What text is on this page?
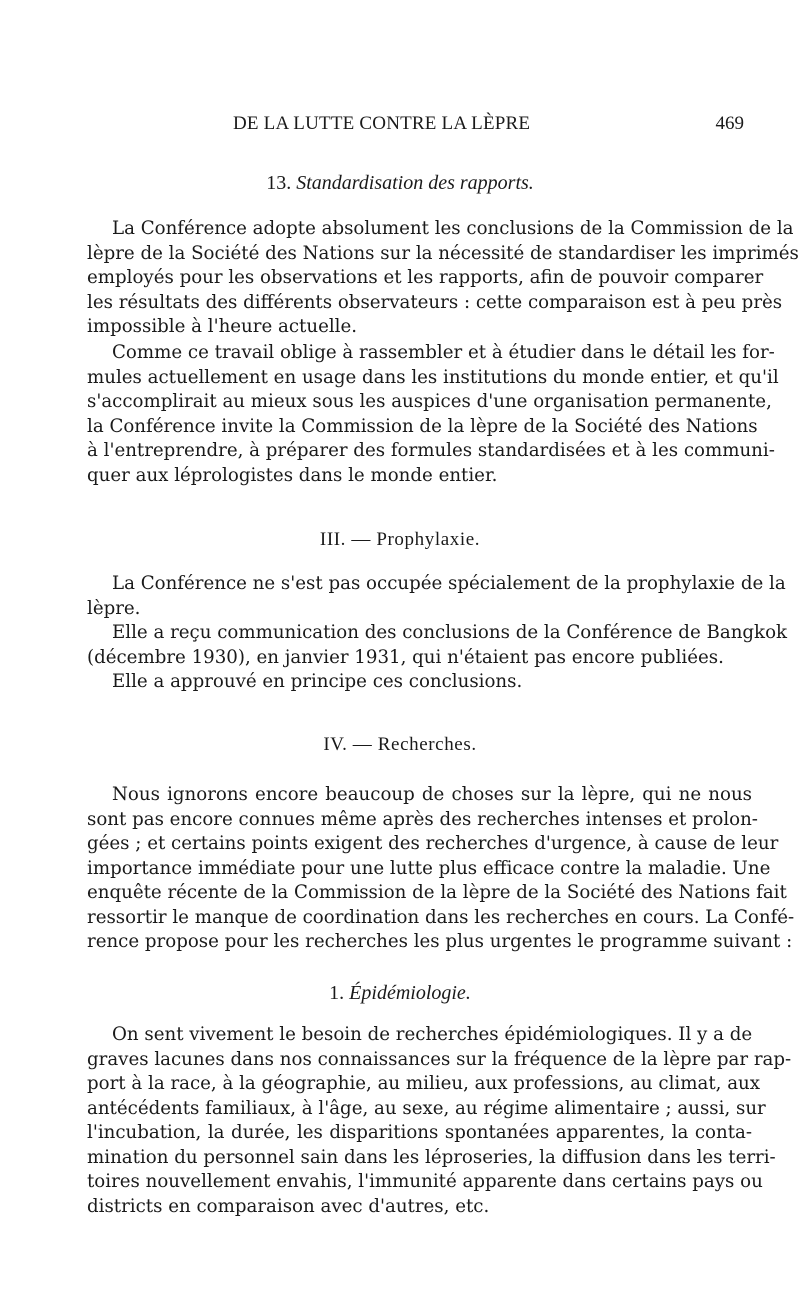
DE LA LUTTE CONTRE LA LÈPRE	469
13. Standardisation des rapports.
La Conférence adopte absolument les conclusions de la Commission de la
lèpre de la Société des Nations sur la nécessité de standardiser les imprimés
employés pour les observations et les rapports, afin de pouvoir comparer
les résultats des différents observateurs : cette comparaison est à peu près
impossible à l'heure actuelle.
Comme ce travail oblige à rassembler et à étudier dans le détail les for-
mules actuellement en usage dans les institutions du monde entier, et qu'il
s'accomplirait au mieux sous les auspices d'une organisation permanente,
la Conférence invite la Commission de la lèpre de la Société des Nations
à l'entreprendre, à préparer des formules standardisées et à les communi-
quer aux léprologistes dans le monde entier.
III. — Prophylaxie.
La Conférence ne s'est pas occupée spécialement de la prophylaxie de la
lèpre.
Elle a reçu communication des conclusions de la Conférence de Bangkok
(décembre 1930), en janvier 1931, qui n'étaient pas encore publiées.
Elle a approuvé en principe ces conclusions.
IV. — Recherches.
Nous ignorons encore beaucoup de choses sur la lèpre, qui ne nous
sont pas encore connues même après des recherches intenses et prolon-
gées ; et certains points exigent des recherches d'urgence, à cause de leur
importance immédiate pour une lutte plus efficace contre la maladie. Une
enquête récente de la Commission de la lèpre de la Société des Nations fait
ressortir le manque de coordination dans les recherches en cours. La Confé-
rence propose pour les recherches les plus urgentes le programme suivant :
1. Épidémiologie.
On sent vivement le besoin de recherches épidémiologiques. Il y a de
graves lacunes dans nos connaissances sur la fréquence de la lèpre par rap-
port à la race, à la géographie, au milieu, aux professions, au climat, aux
antécédents familiaux, à l'âge, au sexe, au régime alimentaire ; aussi, sur
l'incubation, la durée, les disparitions spontanées apparentes, la conta-
mination du personnel sain dans les léproseries, la diffusion dans les terri-
toires nouvellement envahis, l'immunité apparente dans certains pays ou
districts en comparaison avec d'autres, etc.
